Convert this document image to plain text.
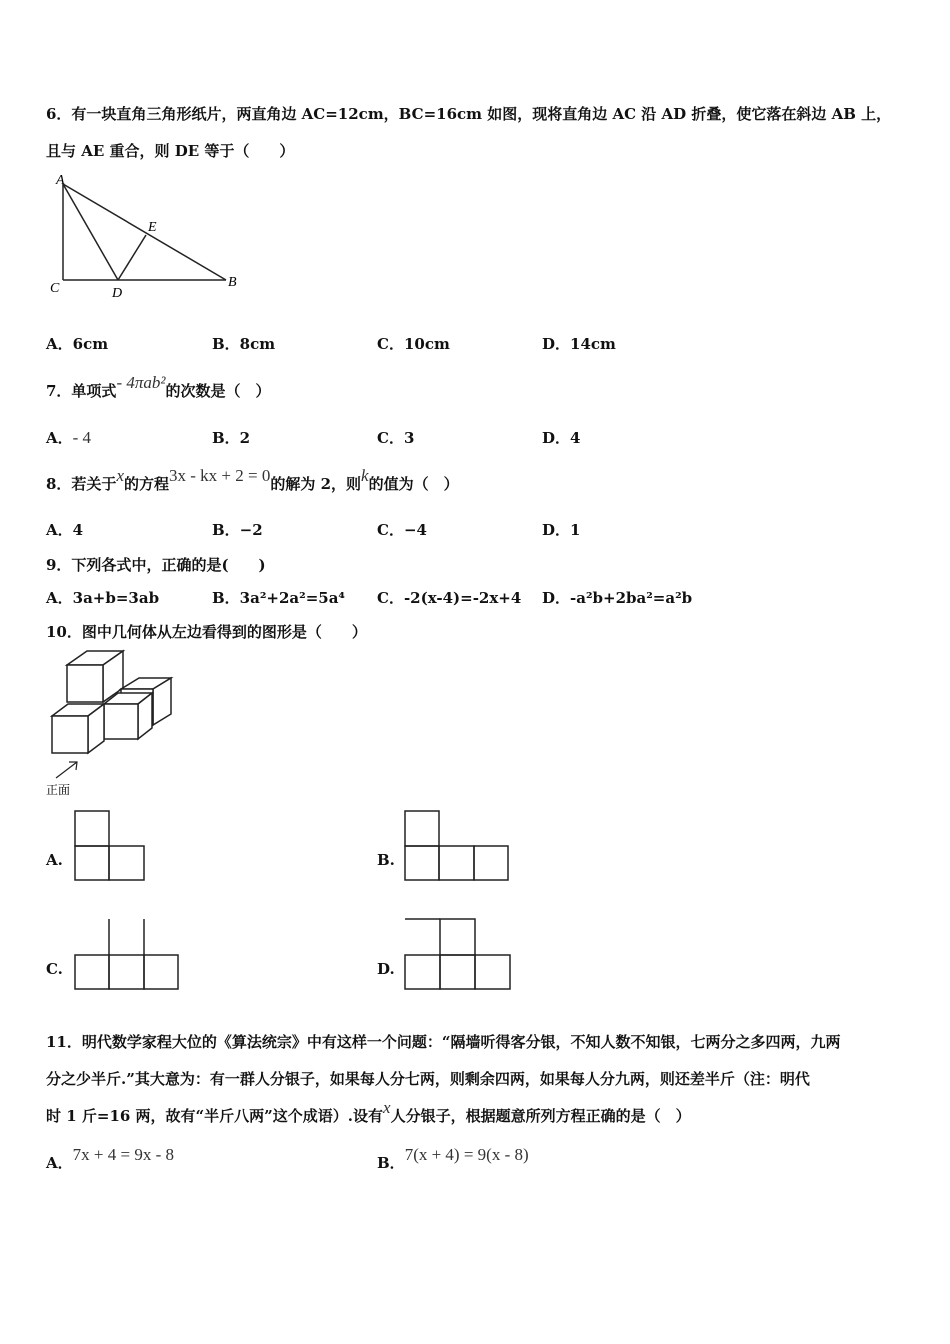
6．有一块直角三角形纸片，两直角边 AC=12cm，BC=16cm 如图，现将直角边 AC 沿 AD 折叠，使它落在斜边 AB 上，
且与 AE 重合，则 DE 等于（　　）
A
E
C	D
B
A．6cm	B．8cm	C．10cm	D．14cm
7．单项式- 4πab²的次数是（　）
A．- 4	B．2	C．3	D．4
8．若关于x的方程3x - kx + 2 = 0的解为 2，则k的值为（　）
A．4	B．−2	C．−4	D．1
9．下列各式中，正确的是(　　)
A．3a+b=3ab	B．3a²+2a²=5a⁴ C．-2(x-4)=-2x+4 D．-a²b+2ba²=a²b
10．图中几何体从左边看得到的图形是（　　）
正面
A.	B.
C.	D.
11．明代数学家程大位的《算法统宗》中有这样一个问题：“隔墙听得客分银，不知人数不知银，七两分之多四两，九两
分之少半斤.”其大意为：有一群人分银子，如果每人分七两，则剩余四两，如果每人分九两，则还差半斤（注：明代
时 1 斤=16 两，故有“半斤八两”这个成语）.设有x人分银子，根据题意所列方程正确的是（　）
A．7x + 4 = 9x - 8	B．7(x + 4) = 9(x - 8)
